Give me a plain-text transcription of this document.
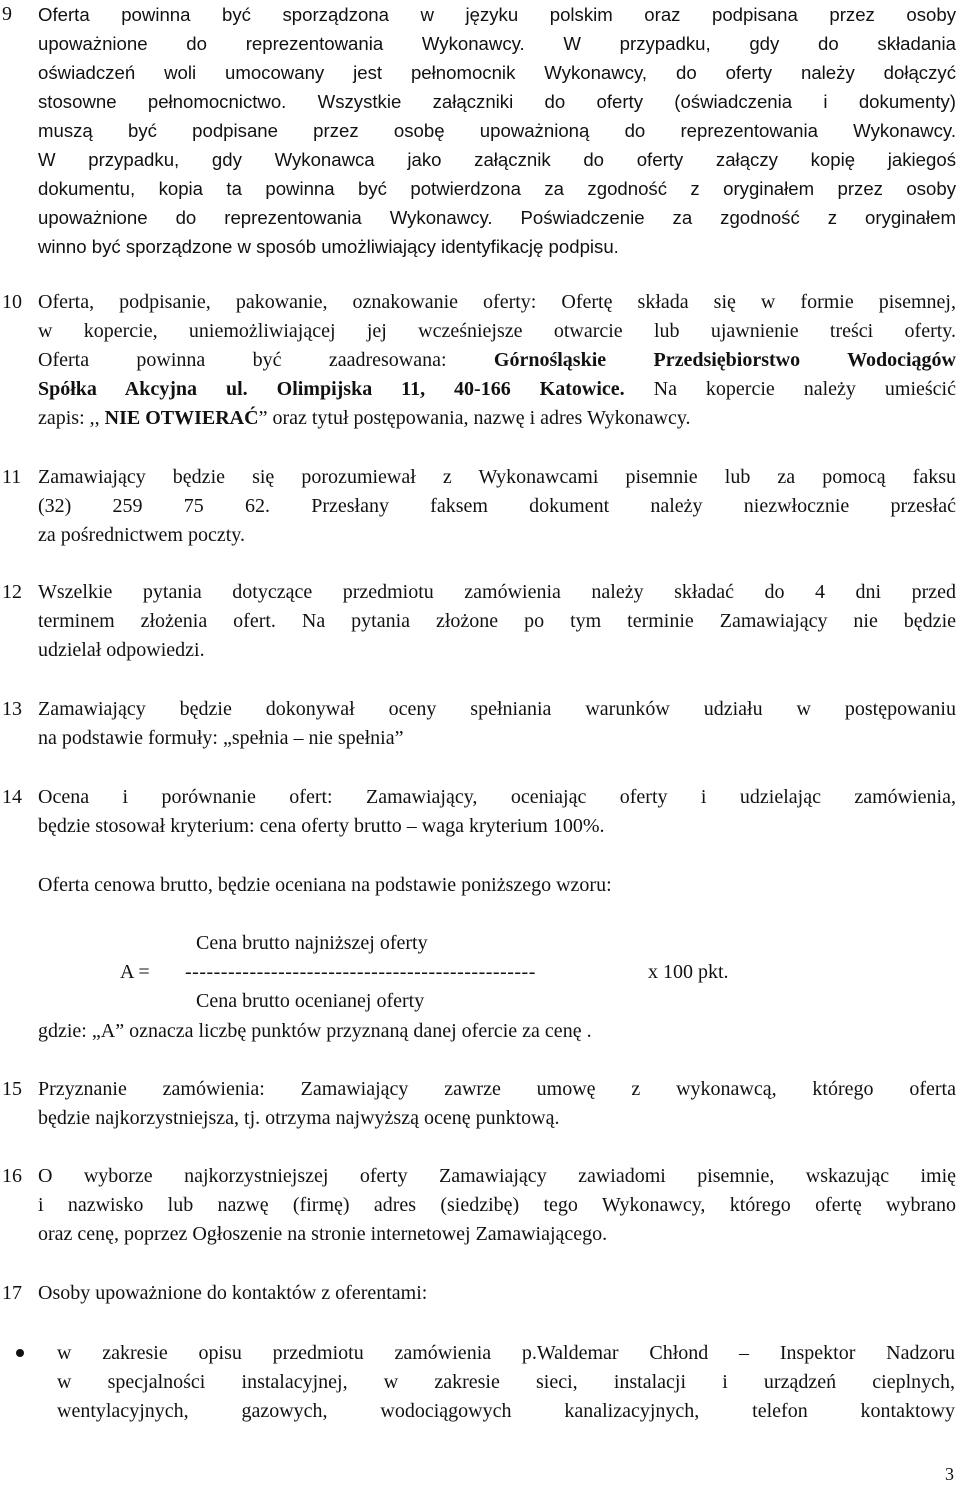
9 Oferta powinna być sporządzona w języku polskim oraz podpisana przez osoby
upoważnione do reprezentowania Wykonawcy. W przypadku, gdy do składania
oświadczeń woli umocowany jest pełnomocnik Wykonawcy, do oferty należy dołączyć
stosowne pełnomocnictwo. Wszystkie załączniki do oferty (oświadczenia i dokumenty)
muszą być podpisane przez osobę upoważnioną do reprezentowania Wykonawcy.
W przypadku, gdy Wykonawca jako załącznik do oferty załączy kopię jakiegoś
dokumentu, kopia ta powinna być potwierdzona za zgodność z oryginałem przez osoby
upoważnione do reprezentowania Wykonawcy. Poświadczenie za zgodność z oryginałem
winno być sporządzone w sposób umożliwiający identyfikację podpisu.
10 Oferta, podpisanie, pakowanie, oznakowanie oferty: Ofertę składa się w formie pisemnej,
w kopercie, uniemożliwiającej jej wcześniejsze otwarcie lub ujawnienie treści oferty.
Oferta powinna być zaadresowana: Górnośląskie Przedsiębiorstwo Wodociągów
Spółka Akcyjna ul. Olimpijska 11, 40-166 Katowice. Na kopercie należy umieścić
zapis: ,, NIE OTWIERAĆ” oraz tytuł postępowania, nazwę i adres Wykonawcy.
11 Zamawiający będzie się porozumiewał z Wykonawcami pisemnie lub za pomocą faksu
(32) 259 75 62. Przesłany faksem dokument należy niezwłocznie przesłać
za pośrednictwem poczty.
12 Wszelkie pytania dotyczące przedmiotu zamówienia należy składać do 4 dni przed
terminem złożenia ofert. Na pytania złożone po tym terminie Zamawiający nie będzie
udzielał odpowiedzi.
13 Zamawiający będzie dokonywał oceny spełniania warunków udziału w postępowaniu
na podstawie formuły: „spełnia – nie spełnia”
14 Ocena i porównanie ofert: Zamawiający, oceniając oferty i udzielając zamówienia,
będzie stosował kryterium: cena oferty brutto – waga kryterium 100%.
Oferta cenowa brutto, będzie oceniana na podstawie poniższego wzoru:
Cena brutto najniższej oferty
A = -------------------------------------------------	x 100 pkt.
Cena brutto ocenianej oferty
gdzie: „A” oznacza liczbę punktów przyznaną danej ofercie za cenę .
15 Przyznanie zamówienia: Zamawiający zawrze umowę z wykonawcą, którego oferta
będzie najkorzystniejsza, tj. otrzyma najwyższą ocenę punktową.
16 O wyborze najkorzystniejszej oferty Zamawiający zawiadomi pisemnie, wskazując imię
i nazwisko lub nazwę (firmę) adres (siedzibę) tego Wykonawcy, którego ofertę wybrano
oraz cenę, poprzez Ogłoszenie na stronie internetowej Zamawiającego.
17 Osoby upoważnione do kontaktów z oferentami:
w zakresie opisu przedmiotu zamówienia p.Waldemar Chłond – Inspektor Nadzoru
w specjalności instalacyjnej, w zakresie sieci, instalacji i urządzeń cieplnych,
wentylacyjnych, gazowych, wodociągowych kanalizacyjnych, telefon kontaktowy
3
